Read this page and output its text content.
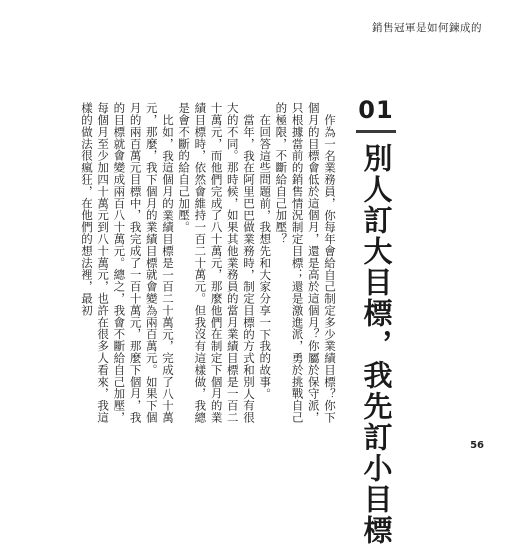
銷售冠軍是如何鍊成的
01
別人訂大目標，我先訂小目標

作為一名業務員，你每年會給自己制定多少業績目標？你下個月的目標會低於這個月，還是高於這個月？你屬於保守派，只根據當前的銷售情況制定目標；還是激進派，勇於挑戰自己的極限，不斷給自己加壓？

在回答這些問題前，我想先和大家分享一下我的故事。

當年，我在阿里巴巴做業務時，制定目標的方式和別人有很大的不同。那時候，如果其他業務員的當月業績目標是一百二十萬元，而他們完成了八十萬元，那麼他們在制定下個月的業績目標時，依然會維持一百二十萬元。但我沒有這樣做，我總是會不斷的給自己加壓。

比如，我這個月的業績目標是一百二十萬元，完成了八十萬元，那麼，我下個月的業績目標就會變為兩百萬元。如果下個月的兩百萬元目標中，我完成了一百十萬元，那麼下個月，我的目標就會變成兩百八十萬元。總之，我會不斷給自己加壓，每個月至少加四十萬元到八十萬元，也許在很多人看來，我這樣的做法很瘋狂，在他們的想法裡，最初

56
